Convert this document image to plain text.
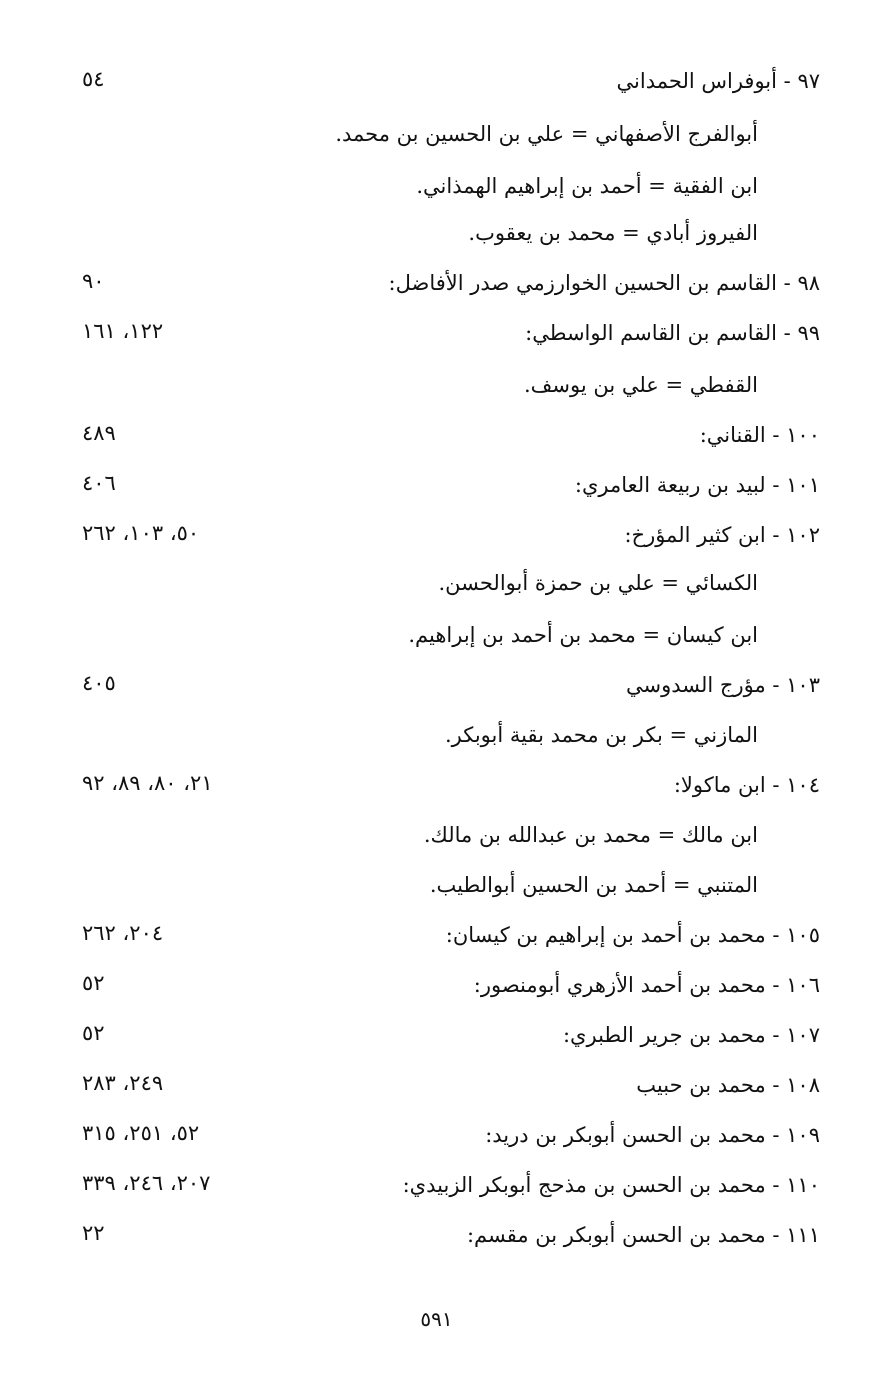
٩٧ - أبوفراس الحمداني
٥٤
أبوالفرج الأصفهاني = علي بن الحسين بن محمد.
ابن الفقية = أحمد بن إبراهيم الهمذاني.
الفيروز أبادي = محمد بن يعقوب.
٩٨ - القاسم بن الحسين الخوارزمي صدر الأفاضل:
٩٠
٩٩ - القاسم بن القاسم الواسطي:
١٢٢، ١٦١
القفطي = علي بن يوسف.
١٠٠ - القناني:
٤٨٩
١٠١ - لبيد بن ربيعة العامري:
٤٠٦
١٠٢ - ابن كثير المؤرخ:
٥٠، ١٠٣، ٢٦٢
الكسائي = علي بن حمزة أبوالحسن.
ابن كيسان = محمد بن أحمد بن إبراهيم.
١٠٣ - مؤرج السدوسي
٤٠٥
المازني = بكر بن محمد بقية أبوبكر.
١٠٤ - ابن ماكولا:
٢١، ٨٠، ٨٩، ٩٢
ابن مالك = محمد بن عبدالله بن مالك.
المتنبي = أحمد بن الحسين أبوالطيب.
١٠٥ - محمد بن أحمد بن إبراهيم بن كيسان:
٢٠٤، ٢٦٢
١٠٦ - محمد بن أحمد الأزهري أبومنصور:
٥٢
١٠٧ - محمد بن جرير الطبري:
٥٢
١٠٨ - محمد بن حبيب
٢٤٩، ٢٨٣
١٠٩ - محمد بن الحسن أبوبكر بن دريد:
٥٢، ٢٥١، ٣١٥
١١٠ - محمد بن الحسن بن مذحج أبوبكر الزبيدي:
٢٠٧، ٢٤٦، ٣٣٩
١١١ - محمد بن الحسن أبوبكر بن مقسم:
٢٢
٥٩١
